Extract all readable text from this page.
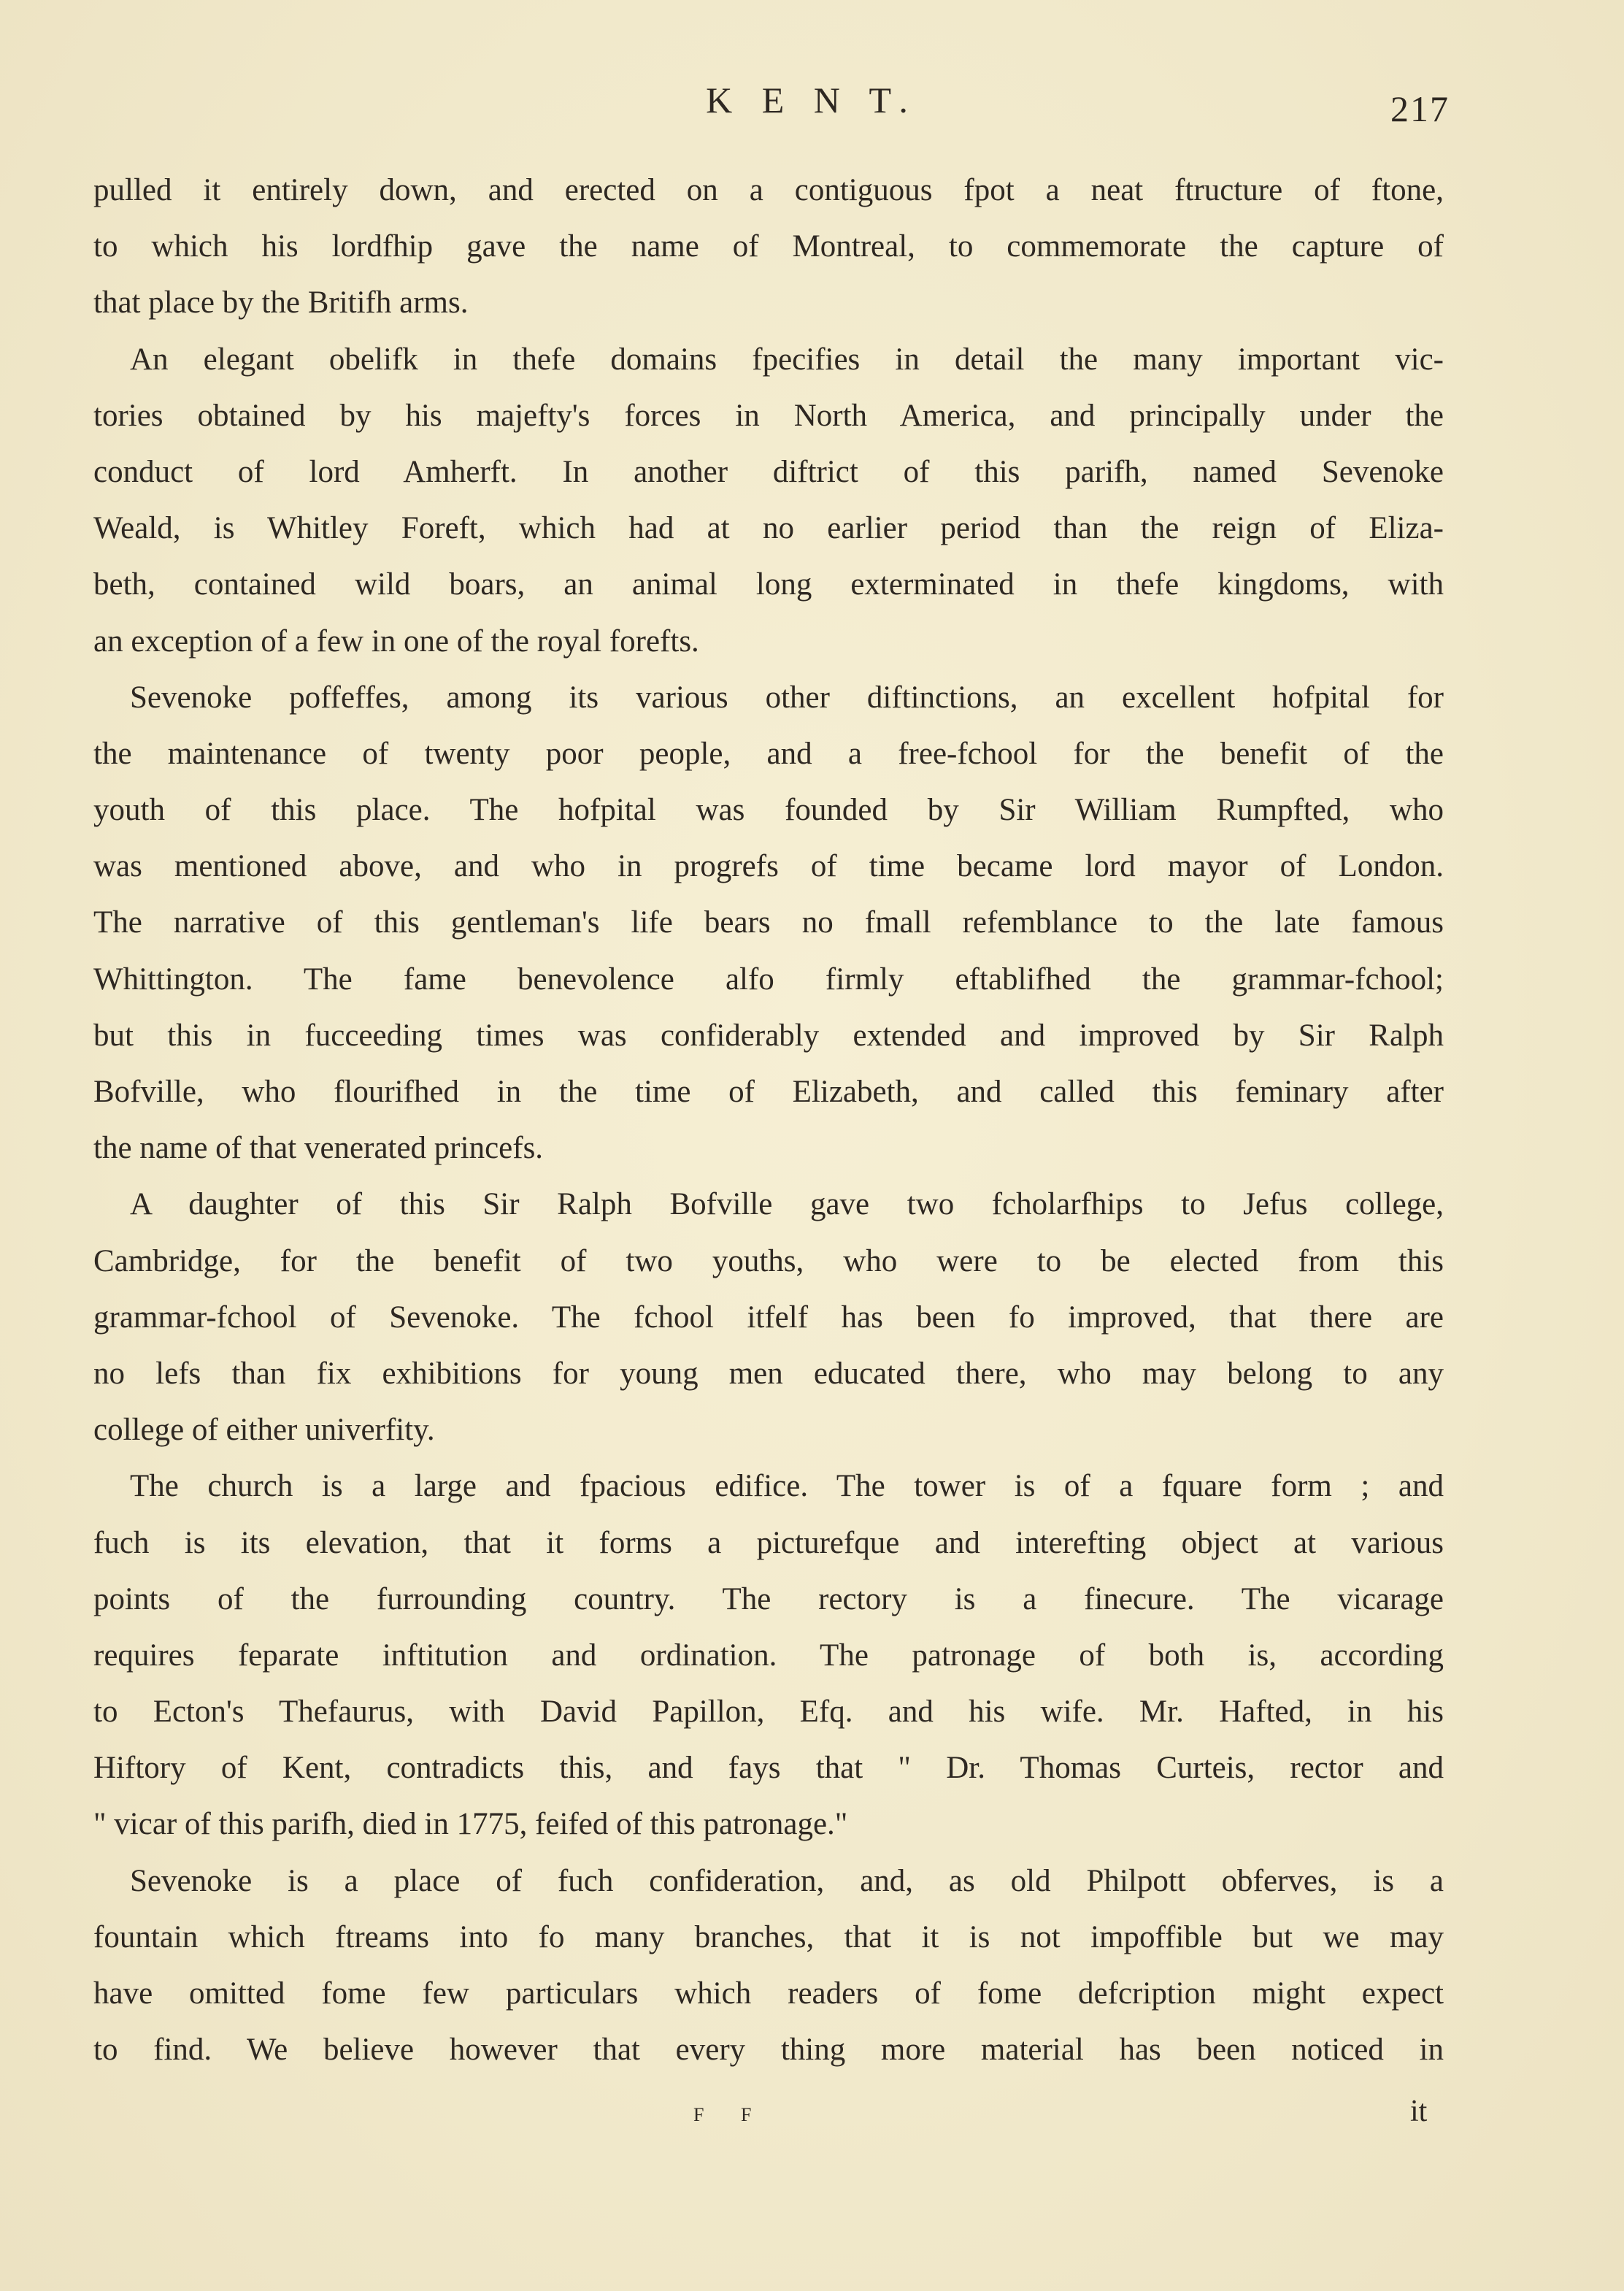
K E N T.	217
pulled it entirely down, and erected on a contiguous fpot a neat ftructure of ftone,
to which his lordfhip gave the name of Montreal, to commemorate the capture of
that place by the Britifh arms.
An elegant obelifk in thefe domains fpecifies in detail the many important vic-
tories obtained by his majefty's forces in North America, and principally under the
conduct of lord Amherft. In another diftrict of this parifh, named Sevenoke
Weald, is Whitley Foreft, which had at no earlier period than the reign of Eliza-
beth, contained wild boars, an animal long exterminated in thefe kingdoms, with
an exception of a few in one of the royal forefts.
Sevenoke poffeffes, among its various other diftinctions, an excellent hofpital for
the maintenance of twenty poor people, and a free-fchool for the benefit of the
youth of this place. The hofpital was founded by Sir William Rumpfted, who
was mentioned above, and who in progrefs of time became lord mayor of London.
The narrative of this gentleman's life bears no fmall refemblance to the late famous
Whittington. The fame benevolence alfo firmly eftablifhed the grammar-fchool;
but this in fucceeding times was confiderably extended and improved by Sir Ralph
Bofville, who flourifhed in the time of Elizabeth, and called this feminary after
the name of that venerated princefs.
A daughter of this Sir Ralph Bofville gave two fcholarfhips to Jefus college,
Cambridge, for the benefit of two youths, who were to be elected from this
grammar-fchool of Sevenoke. The fchool itfelf has been fo improved, that there are
no lefs than fix exhibitions for young men educated there, who may belong to any
college of either univerfity.
The church is a large and fpacious edifice. The tower is of a fquare form ; and
fuch is its elevation, that it forms a picturefque and interefting object at various
points of the furrounding country. The rectory is a finecure. The vicarage
requires feparate inftitution and ordination. The patronage of both is, according
to Ecton's Thefaurus, with David Papillon, Efq. and his wife. Mr. Hafted, in his
Hiftory of Kent, contradicts this, and fays that " Dr. Thomas Curteis, rector and
" vicar of this parifh, died in 1775, feifed of this patronage."
Sevenoke is a place of fuch confideration, and, as old Philpott obferves, is a
fountain which ftreams into fo many branches, that it is not impoffible but we may
have omitted fome few particulars which readers of fome defcription might expect
to find. We believe however that every thing more material has been noticed in
F F	it
